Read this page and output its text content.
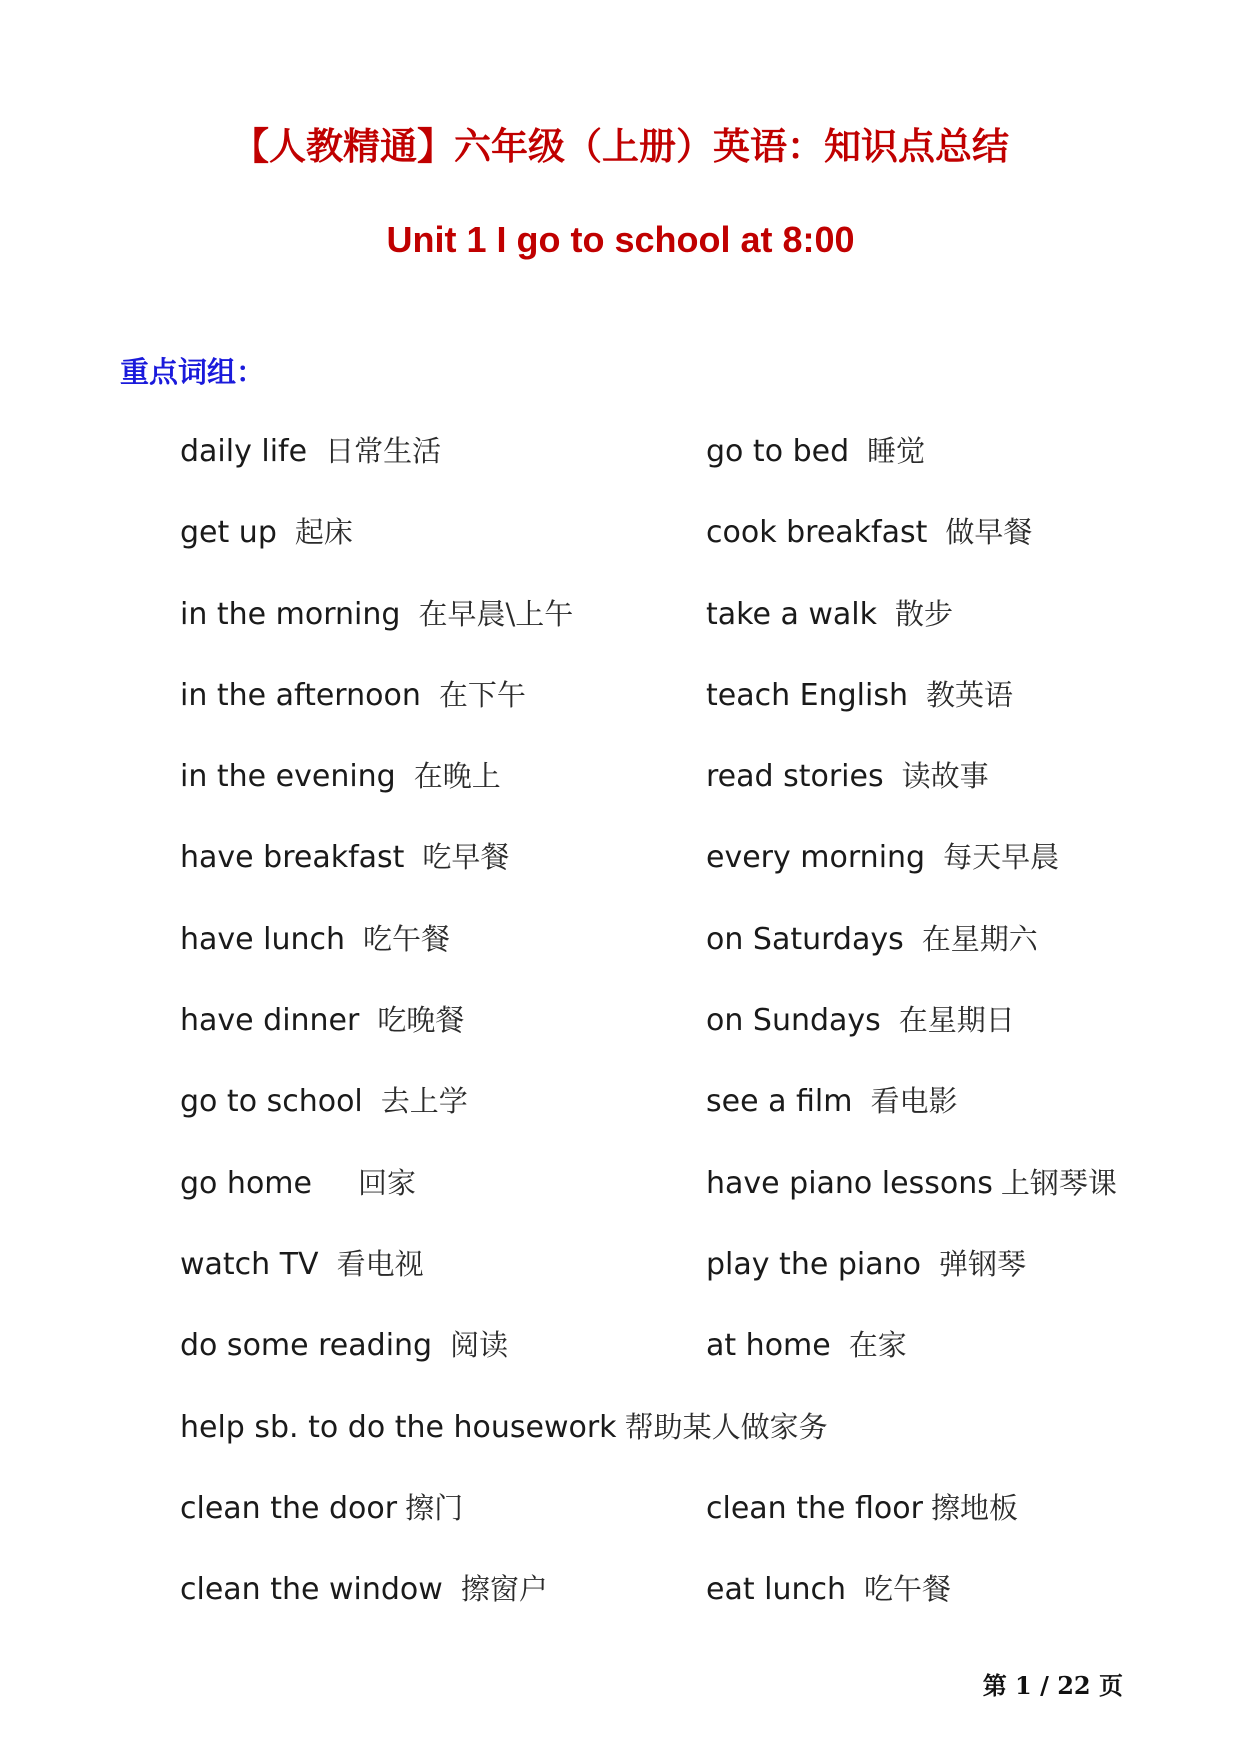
【人教精通】六年级（上册）英语：知识点总结
Unit 1 I go to school at 8:00
重点词组：
daily life 日常生活	go to bed 睡觉
get up 起床	cook breakfast 做早餐
in the morning 在早晨\上午	take a walk 散步
in the afternoon 在下午	teach English 教英语
in the evening 在晚上	read stories 读故事
have breakfast 吃早餐	every morning 每天早晨
have lunch 吃午餐	on Saturdays 在星期六
have dinner 吃晚餐	on Sundays 在星期日
go to school 去上学	see a film 看电影
go home 回家	have piano lessons 上钢琴课
watch TV 看电视	play the piano 弹钢琴
do some reading 阅读	at home 在家
help sb. to do the housework 帮助某人做家务
clean the door 擦门	clean the floor 擦地板
clean the window 擦窗户	eat lunch 吃午餐
第 1 / 22 页
